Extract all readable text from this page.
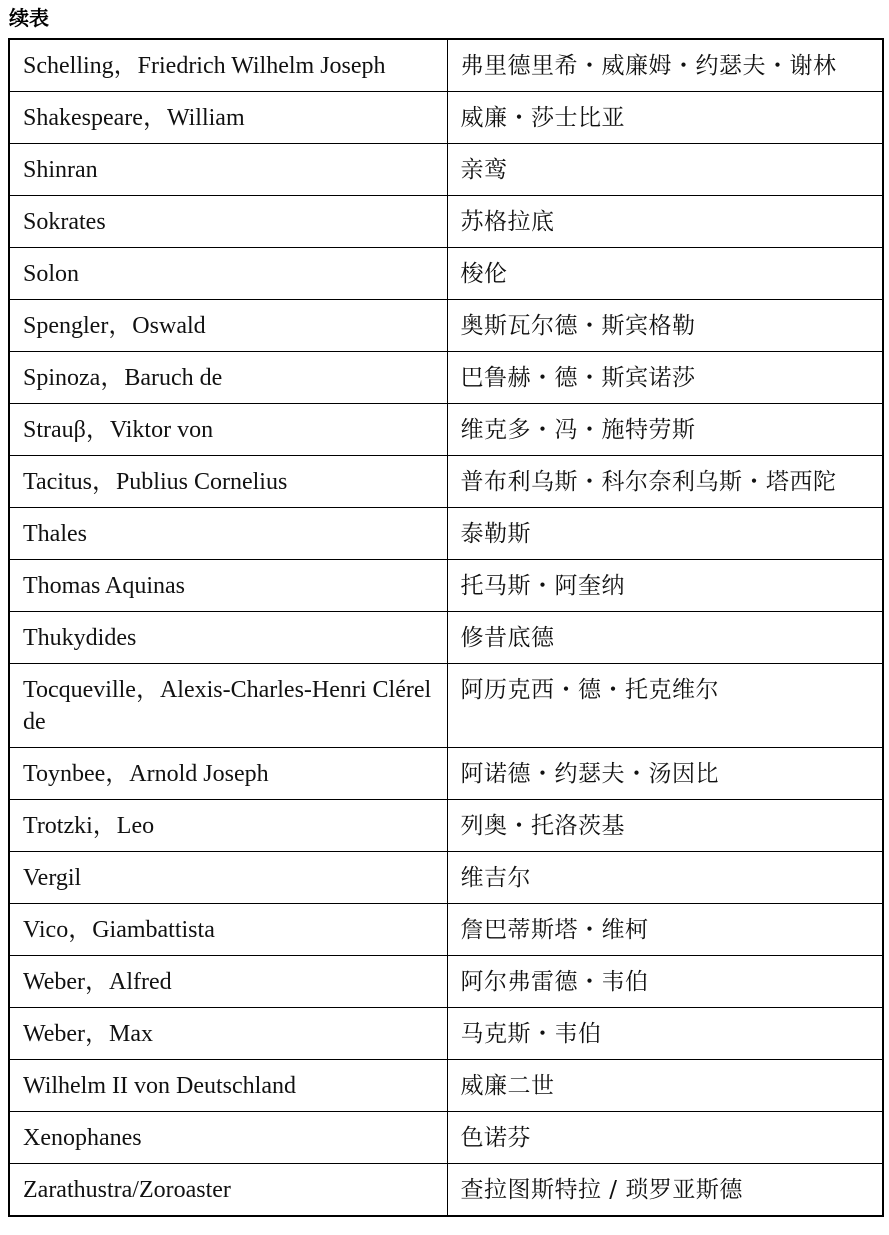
续表
Schelling，Friedrich Wilhelm Joseph	弗里德里希・威廉姆・约瑟夫・谢林
Shakespeare，William	威廉・莎士比亚
Shinran	亲鸾
Sokrates	苏格拉底
Solon	梭伦
Spengler，Oswald	奥斯瓦尔德・斯宾格勒
Spinoza，Baruch de	巴鲁赫・德・斯宾诺莎
Strauβ，Viktor von	维克多・冯・施特劳斯
Tacitus，Publius Cornelius	普布利乌斯・科尔奈利乌斯・塔西陀
Thales	泰勒斯
Thomas Aquinas	托马斯・阿奎纳
Thukydides	修昔底德
Tocqueville，Alexis-Charles-Henri Clérel de	阿历克西・德・托克维尔
Toynbee，Arnold Joseph	阿诺德・约瑟夫・汤因比
Trotzki，Leo	列奥・托洛茨基
Vergil	维吉尔
Vico，Giambattista	詹巴蒂斯塔・维柯
Weber，Alfred	阿尔弗雷德・韦伯
Weber，Max	马克斯・韦伯
Wilhelm II von Deutschland	威廉二世
Xenophanes	色诺芬
Zarathustra/Zoroaster	查拉图斯特拉 / 琐罗亚斯德
